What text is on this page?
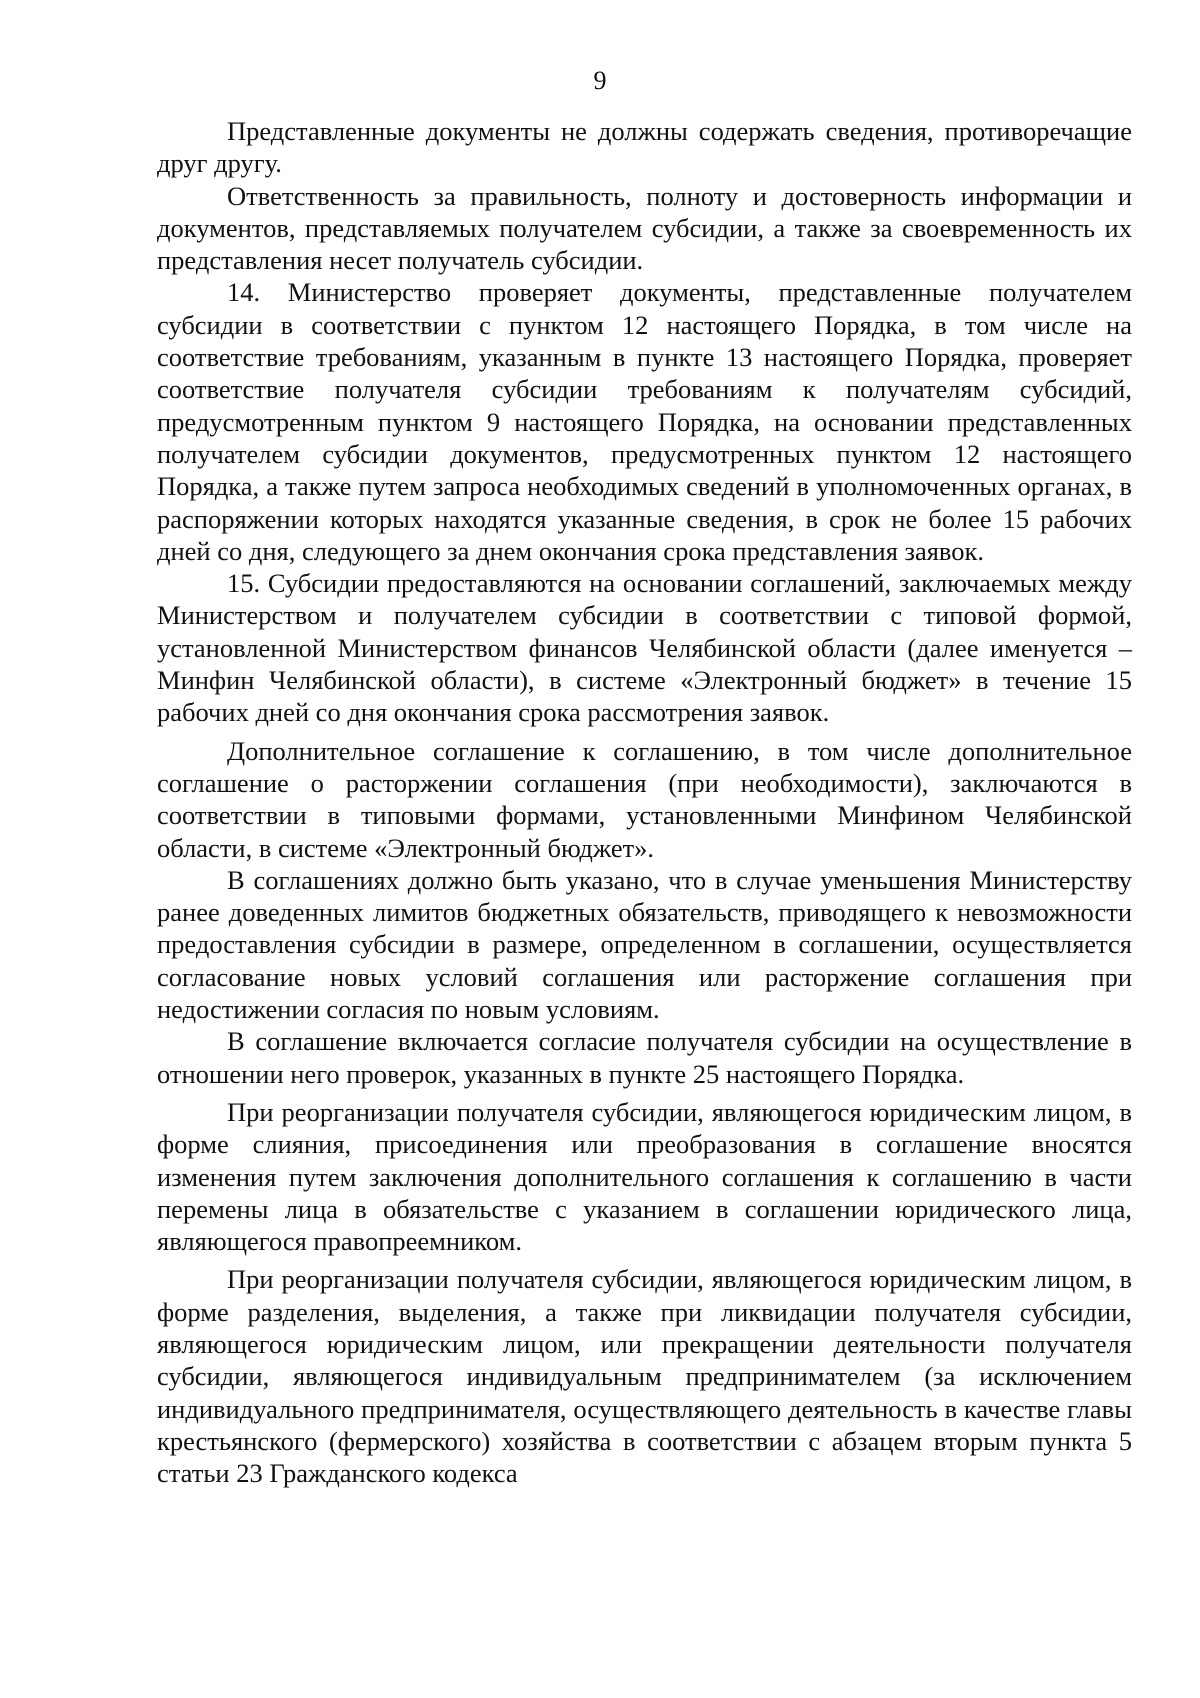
9

Представленные документы не должны содержать сведения, противоречащие друг другу.

Ответственность за правильность, полноту и достоверность информации и документов, представляемых получателем субсидии, а также за своевременность их представления несет получатель субсидии.

14. Министерство проверяет документы, представленные получателем субсидии в соответствии с пунктом 12 настоящего Порядка, в том числе на соответствие требованиям, указанным в пункте 13 настоящего Порядка, проверяет соответствие получателя субсидии требованиям к получателям субсидий, предусмотренным пунктом 9 настоящего Порядка, на основании представленных получателем субсидии документов, предусмотренных пунктом 12 настоящего Порядка, а также путем запроса необходимых сведений в уполномоченных органах, в распоряжении которых находятся указанные сведения, в срок не более 15 рабочих дней со дня, следующего за днем окончания срока представления заявок.

15. Субсидии предоставляются на основании соглашений, заключаемых между Министерством и получателем субсидии в соответствии с типовой формой, установленной Министерством финансов Челябинской области (далее именуется – Минфин Челябинской области), в системе «Электронный бюджет» в течение 15 рабочих дней со дня окончания срока рассмотрения заявок.

Дополнительное соглашение к соглашению, в том числе дополнительное соглашение о расторжении соглашения (при необходимости), заключаются в соответствии в типовыми формами, установленными Минфином Челябинской области, в системе «Электронный бюджет».

В соглашениях должно быть указано, что в случае уменьшения Министерству ранее доведенных лимитов бюджетных обязательств, приводящего к невозможности предоставления субсидии в размере, определенном в соглашении, осуществляется согласование новых условий соглашения или расторжение соглашения при недостижении согласия по новым условиям.

В соглашение включается согласие получателя субсидии на осуществление в отношении него проверок, указанных в пункте 25 настоящего Порядка.

При реорганизации получателя субсидии, являющегося юридическим лицом, в форме слияния, присоединения или преобразования в соглашение вносятся изменения путем заключения дополнительного соглашения к соглашению в части перемены лица в обязательстве с указанием в соглашении юридического лица, являющегося правопреемником.

При реорганизации получателя субсидии, являющегося юридическим лицом, в форме разделения, выделения, а также при ликвидации получателя субсидии, являющегося юридическим лицом, или прекращении деятельности получателя субсидии, являющегося индивидуальным предпринимателем (за исключением индивидуального предпринимателя, осуществляющего деятельность в качестве главы крестьянского (фермерского) хозяйства в соответствии с абзацем вторым пункта 5 статьи 23 Гражданского кодекса
